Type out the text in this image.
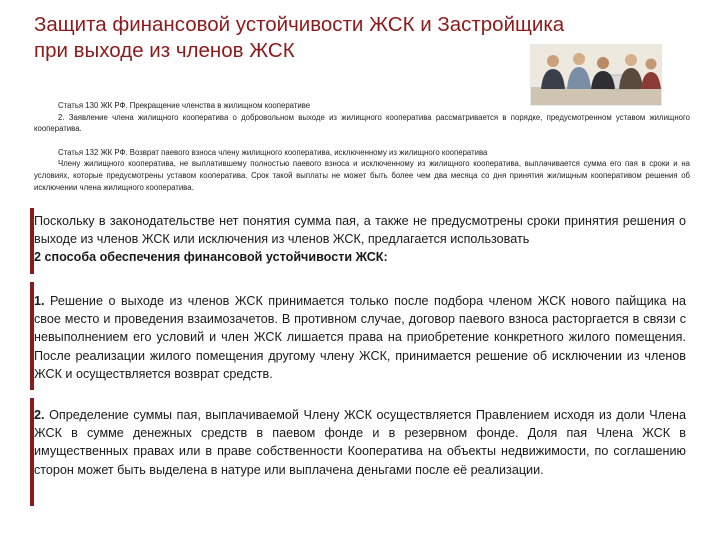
Защита финансовой устойчивости ЖСК и Застройщика
при выходе из членов ЖСК

Статья 130 ЖК РФ. Прекращение членства в жилищном кооперативе

2. Заявление члена жилищного кооператива о добровольном выходе из жилищного кооператива рассматривается в порядке, предусмотренном уставом жилищного кооператива.

Статья 132 ЖК РФ. Возврат паевого взноса члену жилищного кооператива, исключенному из жилищного кооператива

Члену жилищного кооператива, не выплатившему полностью паевого взноса и исключенному из жилищного кооператива, выплачивается сумма его пая в сроки и на условиях, которые предусмотрены уставом кооператива. Срок такой выплаты не может быть более чем два месяца со дня принятия жилищным кооперативом решения об исключении члена жилищного кооператива.

Поскольку в законодательстве нет понятия сумма пая, а также не предусмотрены сроки принятия решения о выходе из членов ЖСК или исключения из членов ЖСК, предлагается использовать
2 способа обеспечения финансовой устойчивости ЖСК:

1. Решение о выходе из членов ЖСК принимается только после подбора членом ЖСК нового пайщика на свое место и проведения взаимозачетов. В противном случае, договор паевого взноса расторгается в связи с невыполнением его условий и член ЖСК лишается права на приобретение конкретного жилого помещения. После реализации жилого помещения другому члену ЖСК, принимается решение об исключении из членов ЖСК и осуществляется возврат средств.

2. Определение суммы пая, выплачиваемой Члену ЖСК осуществляется Правлением исходя из доли Члена ЖСК в сумме денежных средств в паевом фонде и в резервном фонде. Доля пая Члена ЖСК в имущественных правах или в праве собственности Кооператива на объекты недвижимости, по соглашению сторон может быть выделена в натуре или выплачена деньгами после её реализации.
